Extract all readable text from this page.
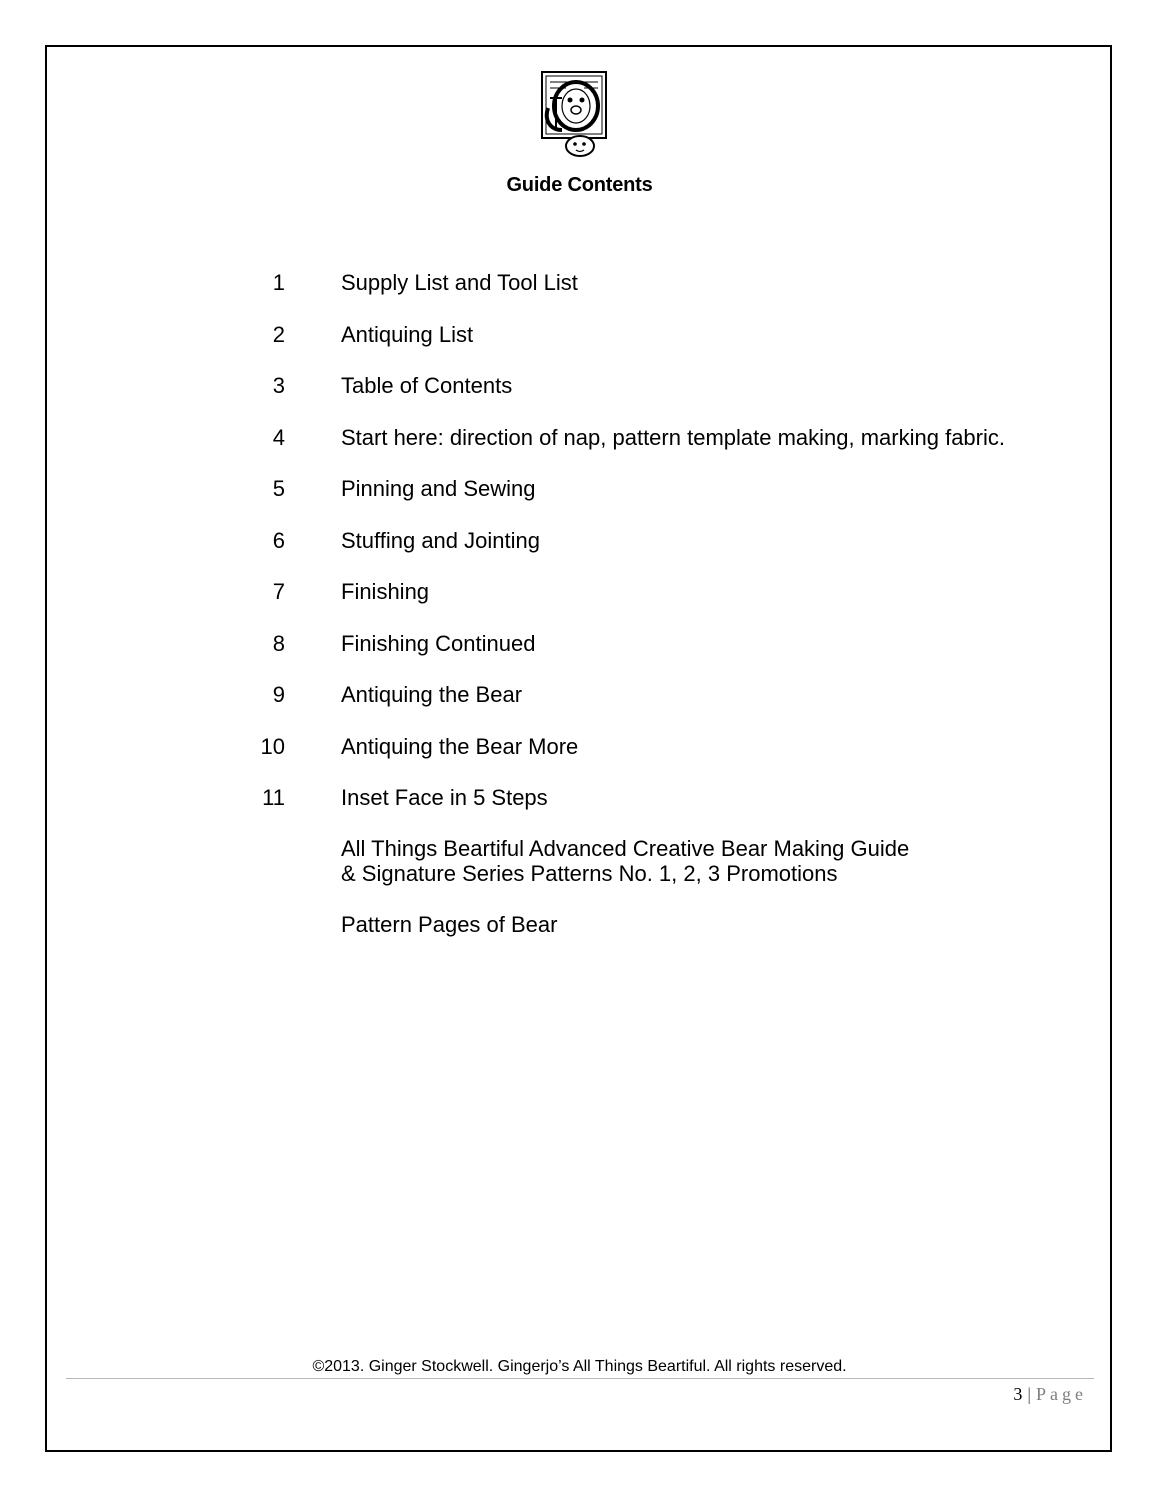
Guide Contents
1	Supply List and Tool List
2	Antiquing List
3	Table of Contents
4	Start here: direction of nap, pattern template making, marking fabric.
5	Pinning and Sewing
6	Stuffing and Jointing
7	Finishing
8	Finishing Continued
9	Antiquing the Bear
10	Antiquing the Bear More
11	Inset Face in 5 Steps
All Things Beartiful Advanced Creative Bear Making Guide
& Signature Series Patterns No. 1, 2, 3 Promotions
Pattern Pages of Bear
©2013. Ginger Stockwell. Gingerjo’s All Things Beartiful. All rights reserved.
3 | Page
